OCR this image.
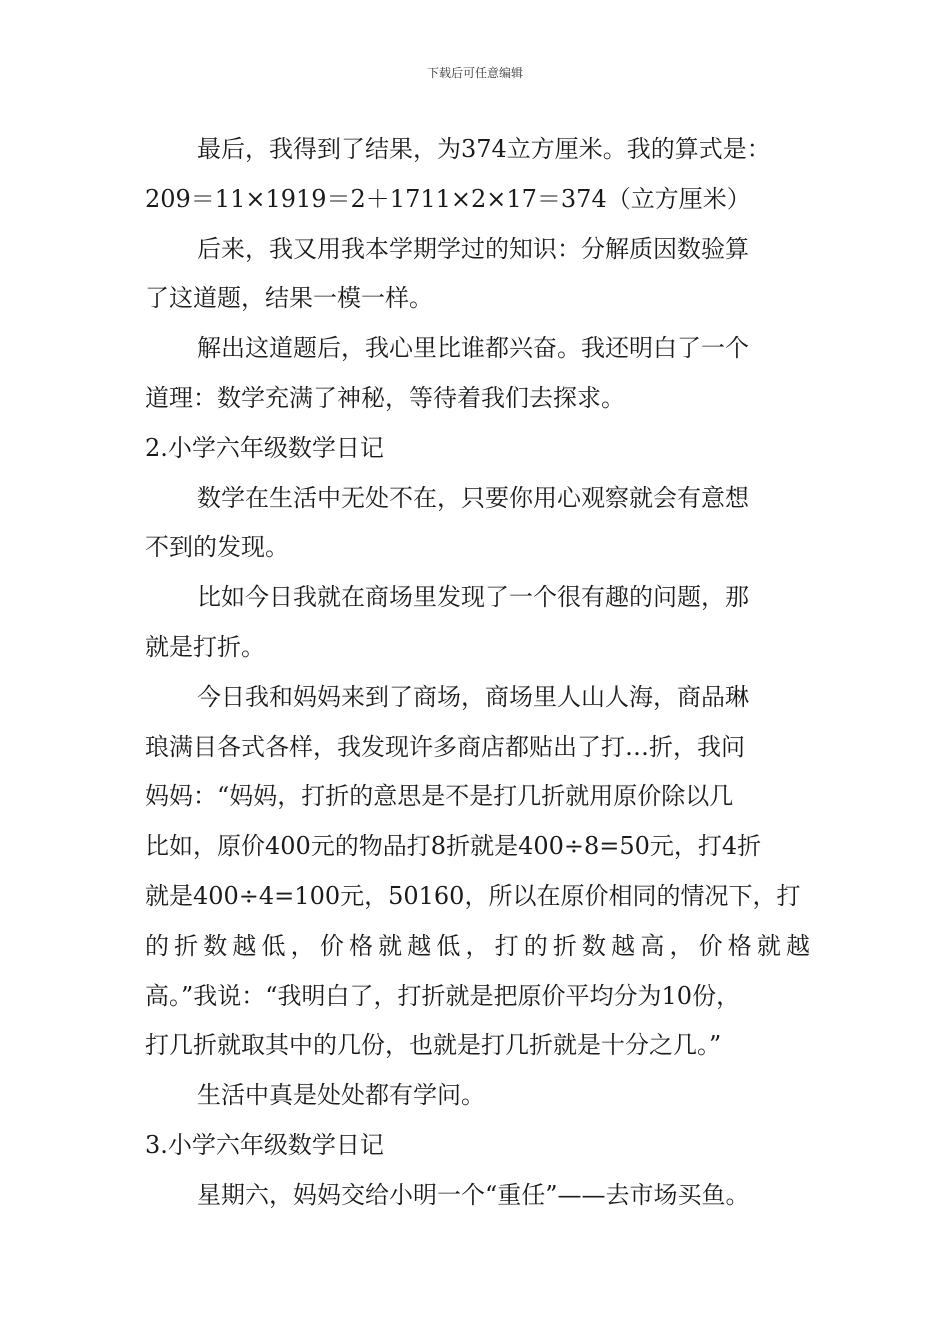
下载后可任意编辑
最后，我得到了结果，为374立方厘米。我的算式是：
209＝11×1919＝2＋1711×2×17＝374（立方厘米）
后来，我又用我本学期学过的知识：分解质因数验算
了这道题，结果一模一样。
解出这道题后，我心里比谁都兴奋。我还明白了一个
道理：数学充满了神秘，等待着我们去探求。
2.小学六年级数学日记
数学在生活中无处不在，只要你用心观察就会有意想
不到的发现。
比如今日我就在商场里发现了一个很有趣的问题，那
就是打折。
今日我和妈妈来到了商场，商场里人山人海，商品琳
琅满目各式各样，我发现许多商店都贴出了打…折，我问
妈妈：“妈妈，打折的意思是不是打几折就用原价除以几
比如，原价400元的物品打8折就是400÷8=50元，打4折
就是400÷4=100元，50160，所以在原价相同的情况下，打
的折数越低，价格就越低，打的折数越高，价格就越
高。”我说：“我明白了，打折就是把原价平均分为10份，
打几折就取其中的几份，也就是打几折就是十分之几。”
生活中真是处处都有学问。
3.小学六年级数学日记
星期六，妈妈交给小明一个“重任”——去市场买鱼。
